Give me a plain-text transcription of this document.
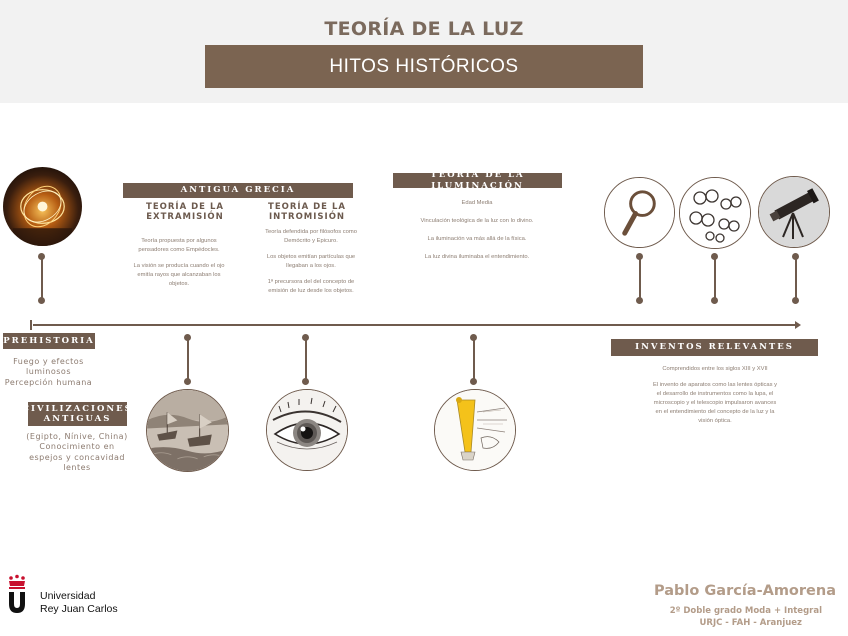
TEORÍA DE LA LUZ
HITOS HISTÓRICOS
PREHISTORIA
Fuego y efectos
luminosos
Percepción humana
CIVILIZACIONES
ANTIGUAS
(Egipto, Nínive, China)
Conocimiento en
espejos y concavidad
lentes
ANTIGUA GRECIA
TEORÍA DE LA
EXTRAMISIÓN
Teoría propuesta por algunos
pensadores como Empédocles.
La visión se producía cuando el ojo
emitía rayos que alcanzaban los
objetos.
TEORÍA DE LA
INTROMISIÓN
Teoría defendida por filósofos como
Demócrito y Epicuro.
Los objetos emitían partículas que
llegaban a los ojos.
1ª precursora del del concepto de
emisión de luz desde los objetos.
TEORÍA DE LA ILUMINACIÓN
Edad Media
Vinculación teológica de la luz con lo divino.
La iluminación va más allá de la física.
La luz divina iluminaba el entendimiento.
INVENTOS RELEVANTES
Comprendidos entre los siglos XIII y XVII
El invento de aparatos como las lentes ópticas y
el desarrollo de instrumentos como la lupa, el
microscopio y el telescopio impulsaron avances
en el entendimiento del concepto de la luz y la
visión óptica.
Universidad
Rey Juan Carlos
Pablo García-Amorena
2º Doble grado Moda + Integral
URJC - FAH - Aranjuez
